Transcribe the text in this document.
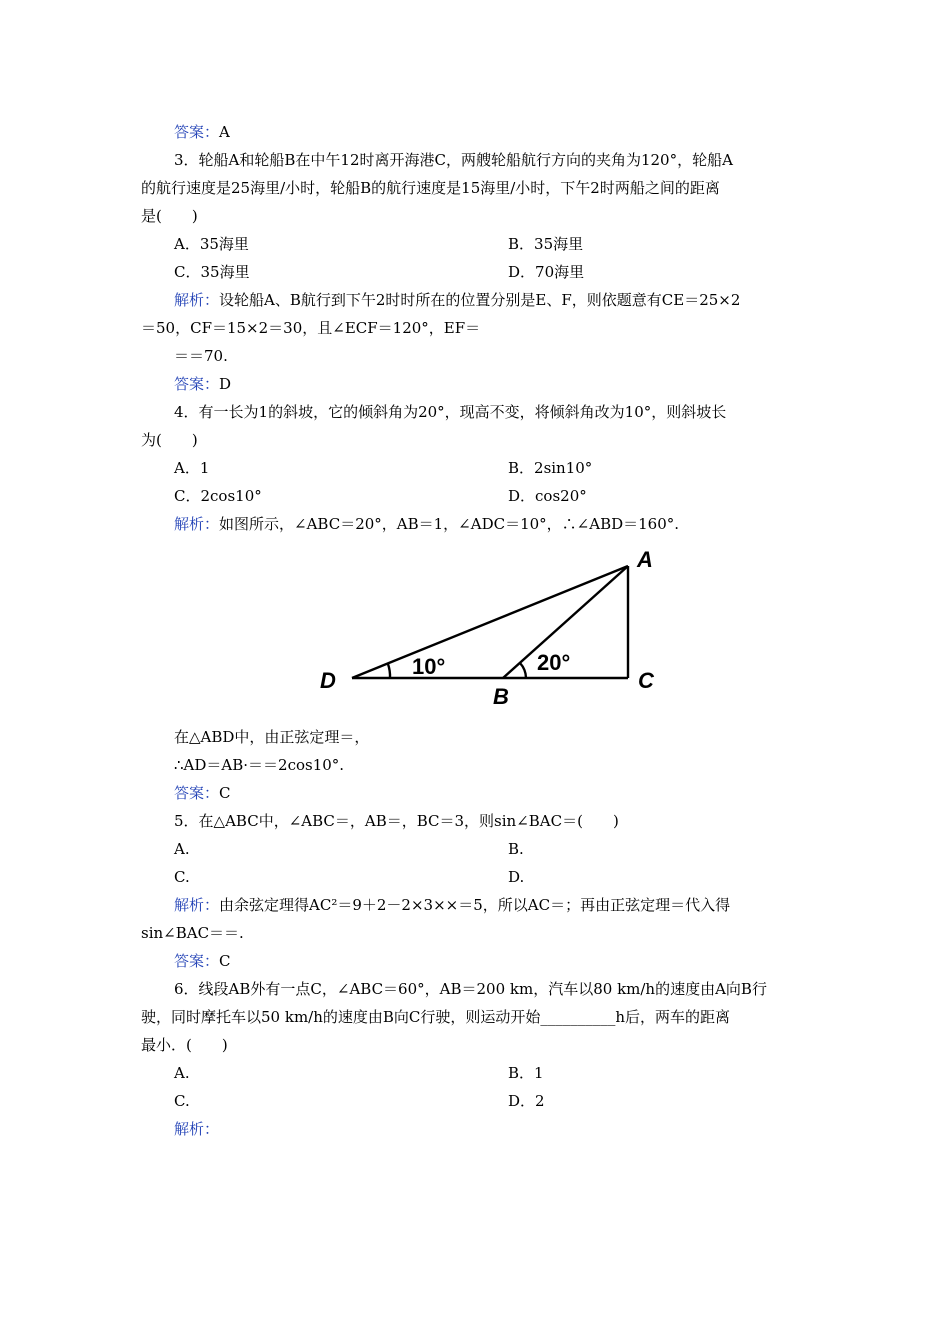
答案：A
3．轮船A和轮船B在中午12时离开海港C，两艘轮船航行方向的夹角为120°，轮船A
的航行速度是25海里/小时，轮船B的航行速度是15海里/小时，下午2时两船之间的距离
是(　　)
A．35海里	B．35海里
C．35海里	D．70海里
解析：设轮船A、B航行到下午2时时所在的位置分别是E、F，则依题意有CE＝25×2
＝50，CF＝15×2＝30，且∠ECF＝120°，EF＝
＝＝70.
答案：D
4．有一长为1的斜坡，它的倾斜角为20°，现高不变，将倾斜角改为10°，则斜坡长
为(　　)
A．1	B．2sin10°
C．2cos10°	D．cos20°
解析：如图所示，∠ABC＝20°，AB＝1，∠ADC＝10°，∴∠ABD＝160°.
A
B
C
D
10°	20°
在△ABD中，由正弦定理＝，
∴AD＝AB·＝＝2cos10°.
答案：C
5．在△ABC中，∠ABC＝，AB＝，BC＝3，则sin∠BAC＝(　　)
A.	B.
C.	D.
解析：由余弦定理得AC²＝9＋2－2×3××＝5，所以AC＝；再由正弦定理＝代入得
sin∠BAC＝＝.
答案：C
6．线段AB外有一点C，∠ABC＝60°，AB＝200 km，汽车以80 km/h的速度由A向B行
驶，同时摩托车以50 km/h的速度由B向C行驶，则运动开始__________h后，两车的距离
最小．(　　)
A.	B．1
C.	D．2
解析：
